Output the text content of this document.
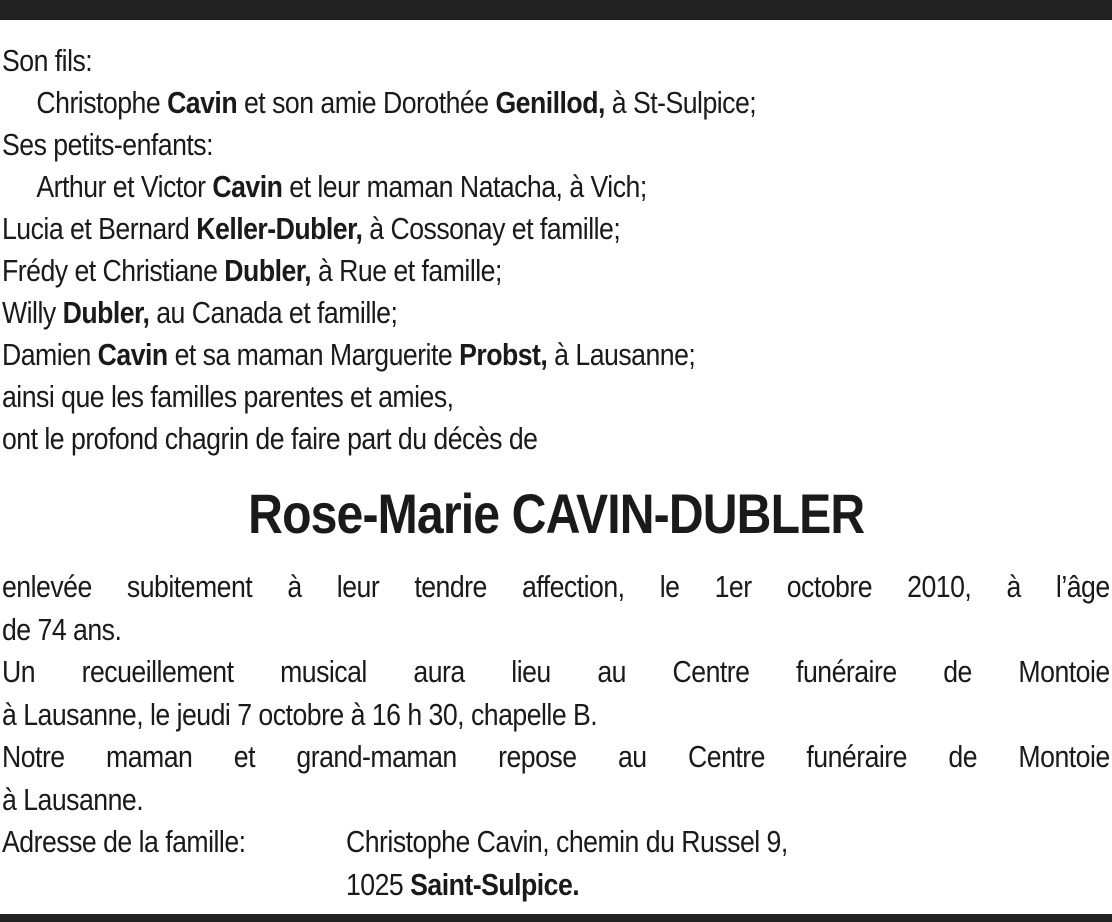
Son fils:
Christophe Cavin et son amie Dorothée Genillod, à St-Sulpice;
Ses petits-enfants:
Arthur et Victor Cavin et leur maman Natacha, à Vich;
Lucia et Bernard Keller-Dubler, à Cossonay et famille;
Frédy et Christiane Dubler, à Rue et famille;
Willy Dubler, au Canada et famille;
Damien Cavin et sa maman Marguerite Probst, à Lausanne;
ainsi que les familles parentes et amies,
ont le profond chagrin de faire part du décès de
Rose-Marie CAVIN-DUBLER
enlevée subitement à leur tendre affection, le 1er octobre 2010, à l’âge
de 74 ans.
Un recueillement musical aura lieu au Centre funéraire de Montoie
à Lausanne, le jeudi 7 octobre à 16 h 30, chapelle B.
Notre maman et grand-maman repose au Centre funéraire de Montoie
à Lausanne.
Adresse de la famille:	Christophe Cavin, chemin du Russel 9,
1025 Saint-Sulpice.
